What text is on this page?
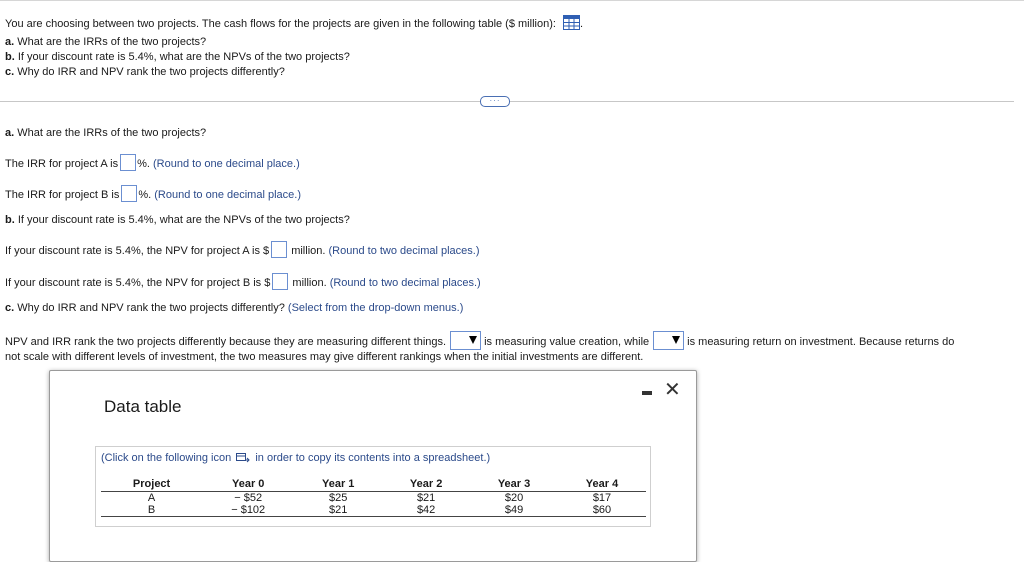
You are choosing between two projects. The cash flows for the projects are given in the following table ($ million): .
a. What are the IRRs of the two projects?
b. If your discount rate is 5.4%, what are the NPVs of the two projects?
c. Why do IRR and NPV rank the two projects differently?
···
a. What are the IRRs of the two projects?
The IRR for project A is %. (Round to one decimal place.)
The IRR for project B is %. (Round to one decimal place.)
b. If your discount rate is 5.4%, what are the NPVs of the two projects?
If your discount rate is 5.4%, the NPV for project A is $ million. (Round to two decimal places.)
If your discount rate is 5.4%, the NPV for project B is $ million. (Round to two decimal places.)
c. Why do IRR and NPV rank the two projects differently? (Select from the drop-down menus.)
NPV and IRR rank the two projects differently because they are measuring different things.	is measuring value creation, while	is measuring return on investment. Because returns do
not scale with different levels of investment, the two measures may give different rankings when the initial investments are different.
Data table
✕
(Click on the following icon in order to copy its contents into a spreadsheet.)
Project	Year 0	Year 1	Year 2	Year 3	Year 4
A	− $52	$25	$21	$20	$17
B	− $102	$21	$42	$49	$60
